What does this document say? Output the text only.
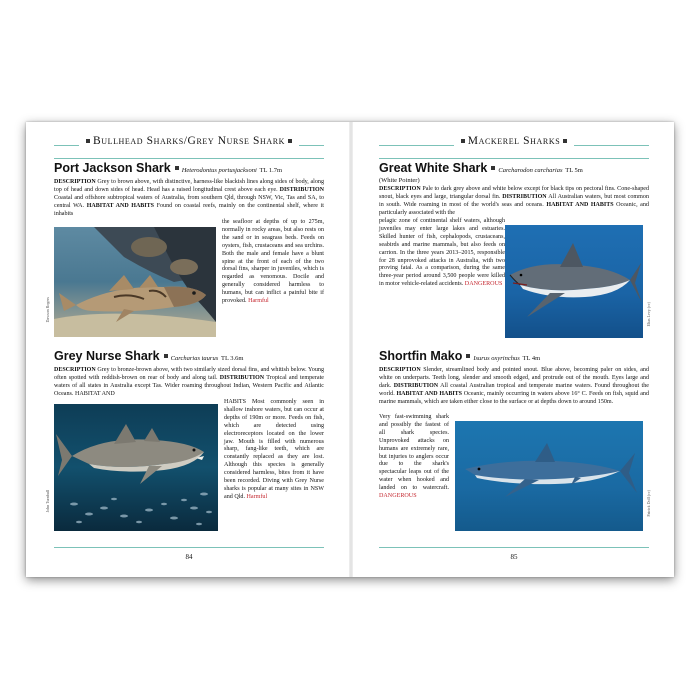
Bullhead Sharks/Grey Nurse Shark
Port Jackson Shark Heterodontus portusjacksoni TL 1.7m
DESCRIPTION Grey to brown above, with distinctive, harness-like blackish lines along sides of body, along top of head and down sides of head. Head has a raised longitudinal crest above each eye. DISTRIBUTION Coastal and offshore subtropical waters of Australia, from southern Qld, through NSW, Vic, Tas and SA, to central WA. HABITAT AND HABITS Found on coastal reefs, mainly on the continental shelf, where it inhabits
Dawson Rogers
the seafloor at depths of up to 275m, normally in rocky areas, but also rests on the sand or in seagrass beds. Feeds on oysters, fish, crustaceans and sea urchins. Both the male and female have a blunt spine at the front of each of the two dorsal fins, sharper in juveniles, which is regarded as venomous. Docile and generally considered harmless to humans, but can inflict a painful bite if provoked. Harmful
Grey Nurse Shark Carcharias taurus TL 3.6m
DESCRIPTION Grey to bronze-brown above, with two similarly sized dorsal fins, and whitish below. Young often spotted with reddish-brown on rear of body and along tail. DISTRIBUTION Tropical and temperate waters of all states in Australia except Tas. Wider roaming throughout Indian, Western Pacific and Atlantic Oceans. HABITAT AND
John Turnbull
HABITS Most commonly seen in shallow inshore waters, but can occur at depths of 190m or more. Feeds on fish, which are detected using electroreceptors located on the lower jaw. Mouth is filled with numerous sharp, fang-like teeth, which are constantly replaced as they are lost. Although this species is generally considered harmless, bites from it have been recorded. Diving with Grey Nurse sharks is popular at many sites in NSW and Qld. Harmful
84
Mackerel Sharks
Great White Shark Carcharodon carcharias TL 5m
(White Pointer)
DESCRIPTION Pale to dark grey above and white below except for black tips on pectoral fins. Cone-shaped snout, black eyes and large, triangular dorsal fin. DISTRIBUTION All Australian waters, but most common in south. Wide roaming in most of the world's seas and oceans. HABITAT AND HABITS Oceanic, and particularly associated with the
pelagic zone of continental shelf waters, although juveniles may enter large lakes and estuaries. Skilled hunter of fish, cephalopods, crustaceans, seabirds and marine mammals, but also feeds on carrion. In the three years 2013–2015, responsible for 28 unprovoked attacks in Australia, with two proving fatal. As a comparison, during the same three-year period around 3,500 people were killed in motor vehicle-related accidents. DANGEROUS
Elias Levy (cc)
Shortfin Mako Isurus oxyrinchus TL 4m
DESCRIPTION Slender, streamlined body and pointed snout. Blue above, becoming paler on sides, and white on underparts. Teeth long, slender and smooth edged, and protrude out of the mouth. Eyes large and dark. DISTRIBUTION All coastal Australian tropical and temperate marine waters. Found throughout the world. HABITAT AND HABITS Oceanic, mainly occurring in waters above 16° C. Feeds on fish, squid and marine mammals, which are taken either close to the surface or at depths down to around 150m.
Very fast-swimming shark and possibly the fastest of all shark species. Unprovoked attacks on humans are extremely rare, but injuries to anglers occur due to the shark's spectacular leaps out of the water when hooked and landed on to watercraft. DANGEROUS	Patrick Doll (cc)
85
